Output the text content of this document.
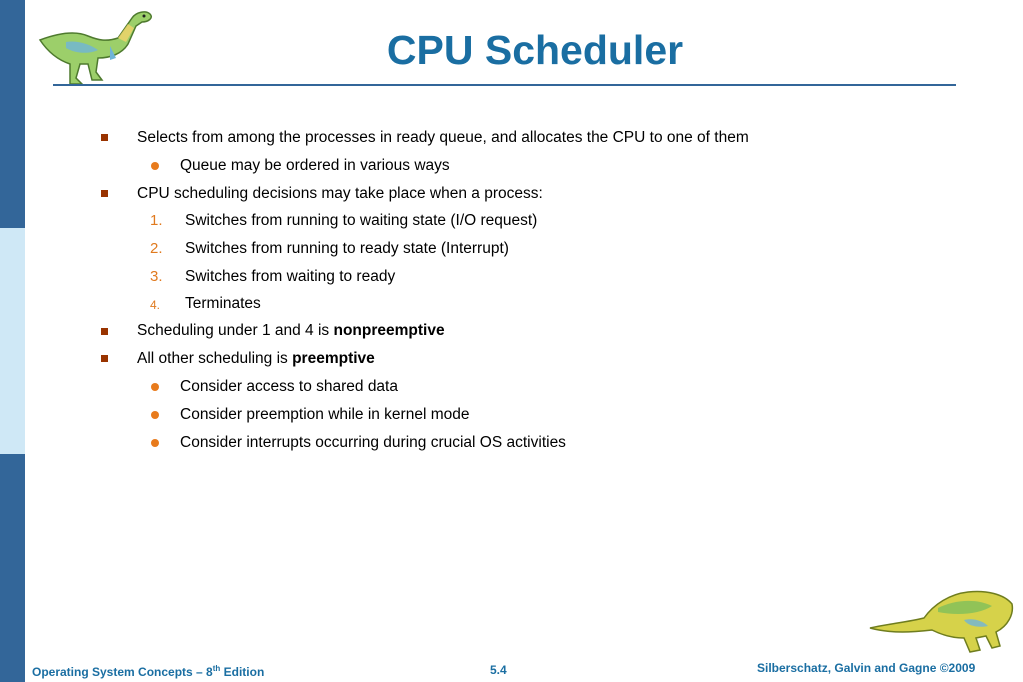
CPU Scheduler
Selects from among the processes in ready queue, and allocates the CPU to one of them
Queue may be ordered in various ways
CPU scheduling decisions may take place when a process:
1. Switches from running to waiting state (I/O request)
2. Switches from running to ready state (Interrupt)
3. Switches from waiting to ready
4. Terminates
Scheduling under 1 and 4 is nonpreemptive
All other scheduling is preemptive
Consider access to shared data
Consider preemption while in kernel mode
Consider interrupts occurring during crucial OS activities
Operating System Concepts – 8th Edition	5.4	Silberschatz, Galvin and Gagne ©2009
